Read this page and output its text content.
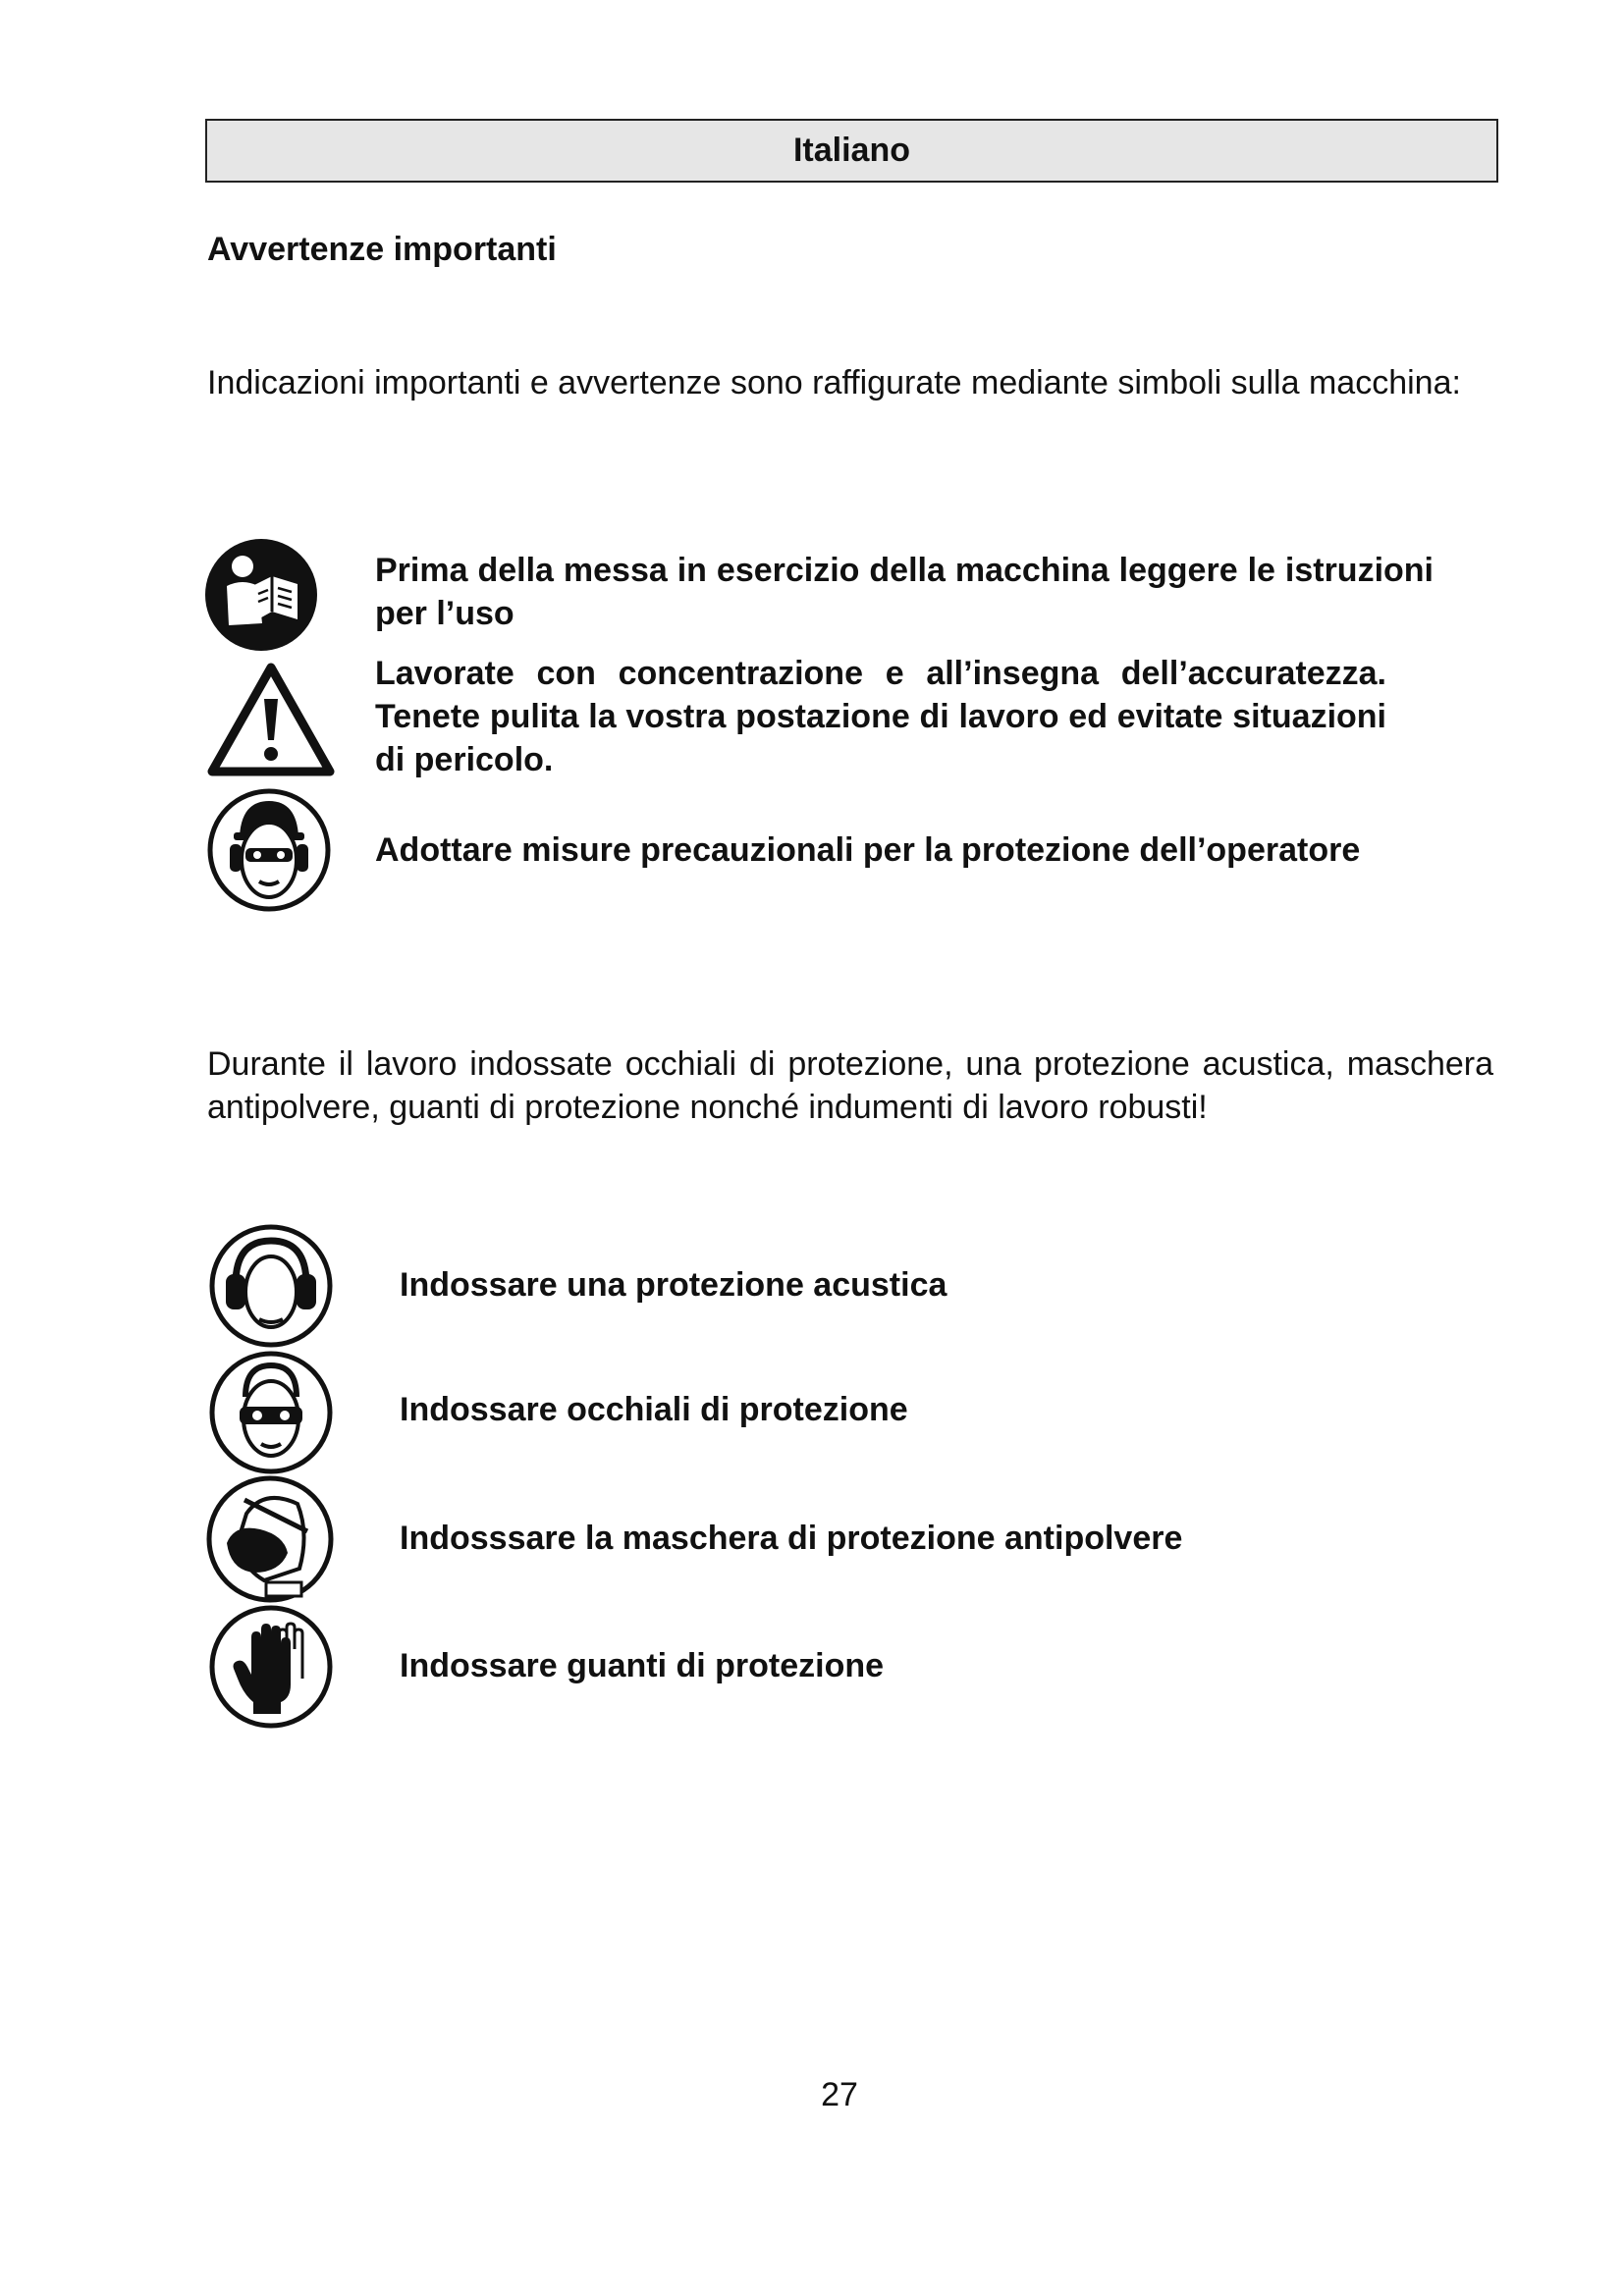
Italiano
Avvertenze importanti
Indicazioni importanti e avvertenze sono raffigurate mediante simboli sulla macchina:
Prima della messa in esercizio della macchina leggere le istruzioni per l’uso
Lavorate con concentrazione e all’insegna dell’accuratezza. Tenete pulita la vostra postazione di lavoro ed evitate situazioni di pericolo.
Adottare misure precauzionali per la protezione dell’operatore
Durante il lavoro indossate occhiali di protezione, una protezione acustica, maschera antipolvere, guanti di protezione nonché indumenti di lavoro robusti!
Indossare una protezione acustica
Indossare occhiali di protezione
Indosssare la maschera di protezione antipolvere
Indossare guanti di protezione
27
